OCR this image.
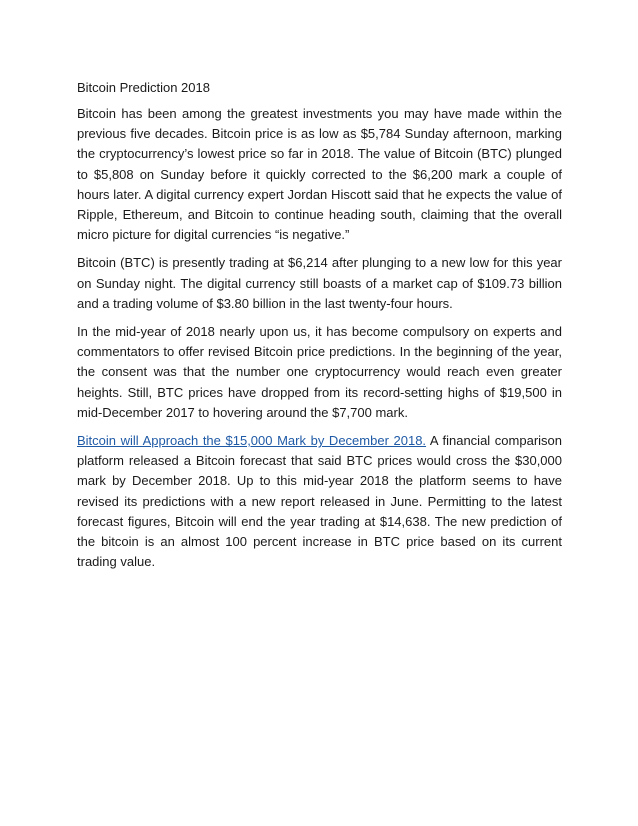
Bitcoin Prediction 2018

Bitcoin has been among the greatest investments you may have made within the previous five decades. Bitcoin price is as low as $5,784 Sunday afternoon, marking the cryptocurrency’s lowest price so far in 2018. The value of Bitcoin (BTC) plunged to $5,808 on Sunday before it quickly corrected to the $6,200 mark a couple of hours later. A digital currency expert Jordan Hiscott said that he expects the value of Ripple, Ethereum, and Bitcoin to continue heading south, claiming that the overall micro picture for digital currencies “is negative.”

Bitcoin (BTC) is presently trading at $6,214 after plunging to a new low for this year on Sunday night. The digital currency still boasts of a market cap of $109.73 billion and a trading volume of $3.80 billion in the last twenty-four hours.

In the mid-year of 2018 nearly upon us, it has become compulsory on experts and commentators to offer revised Bitcoin price predictions. In the beginning of the year, the consent was that the number one cryptocurrency would reach even greater heights. Still, BTC prices have dropped from its record-setting highs of $19,500 in mid-December 2017 to hovering around the $7,700 mark.

Bitcoin will Approach the $15,000 Mark by December 2018. A financial comparison platform released a Bitcoin forecast that said BTC prices would cross the $30,000 mark by December 2018. Up to this mid-year 2018 the platform seems to have revised its predictions with a new report released in June. Permitting to the latest forecast figures, Bitcoin will end the year trading at $14,638. The new prediction of the bitcoin is an almost 100 percent increase in BTC price based on its current trading value.
